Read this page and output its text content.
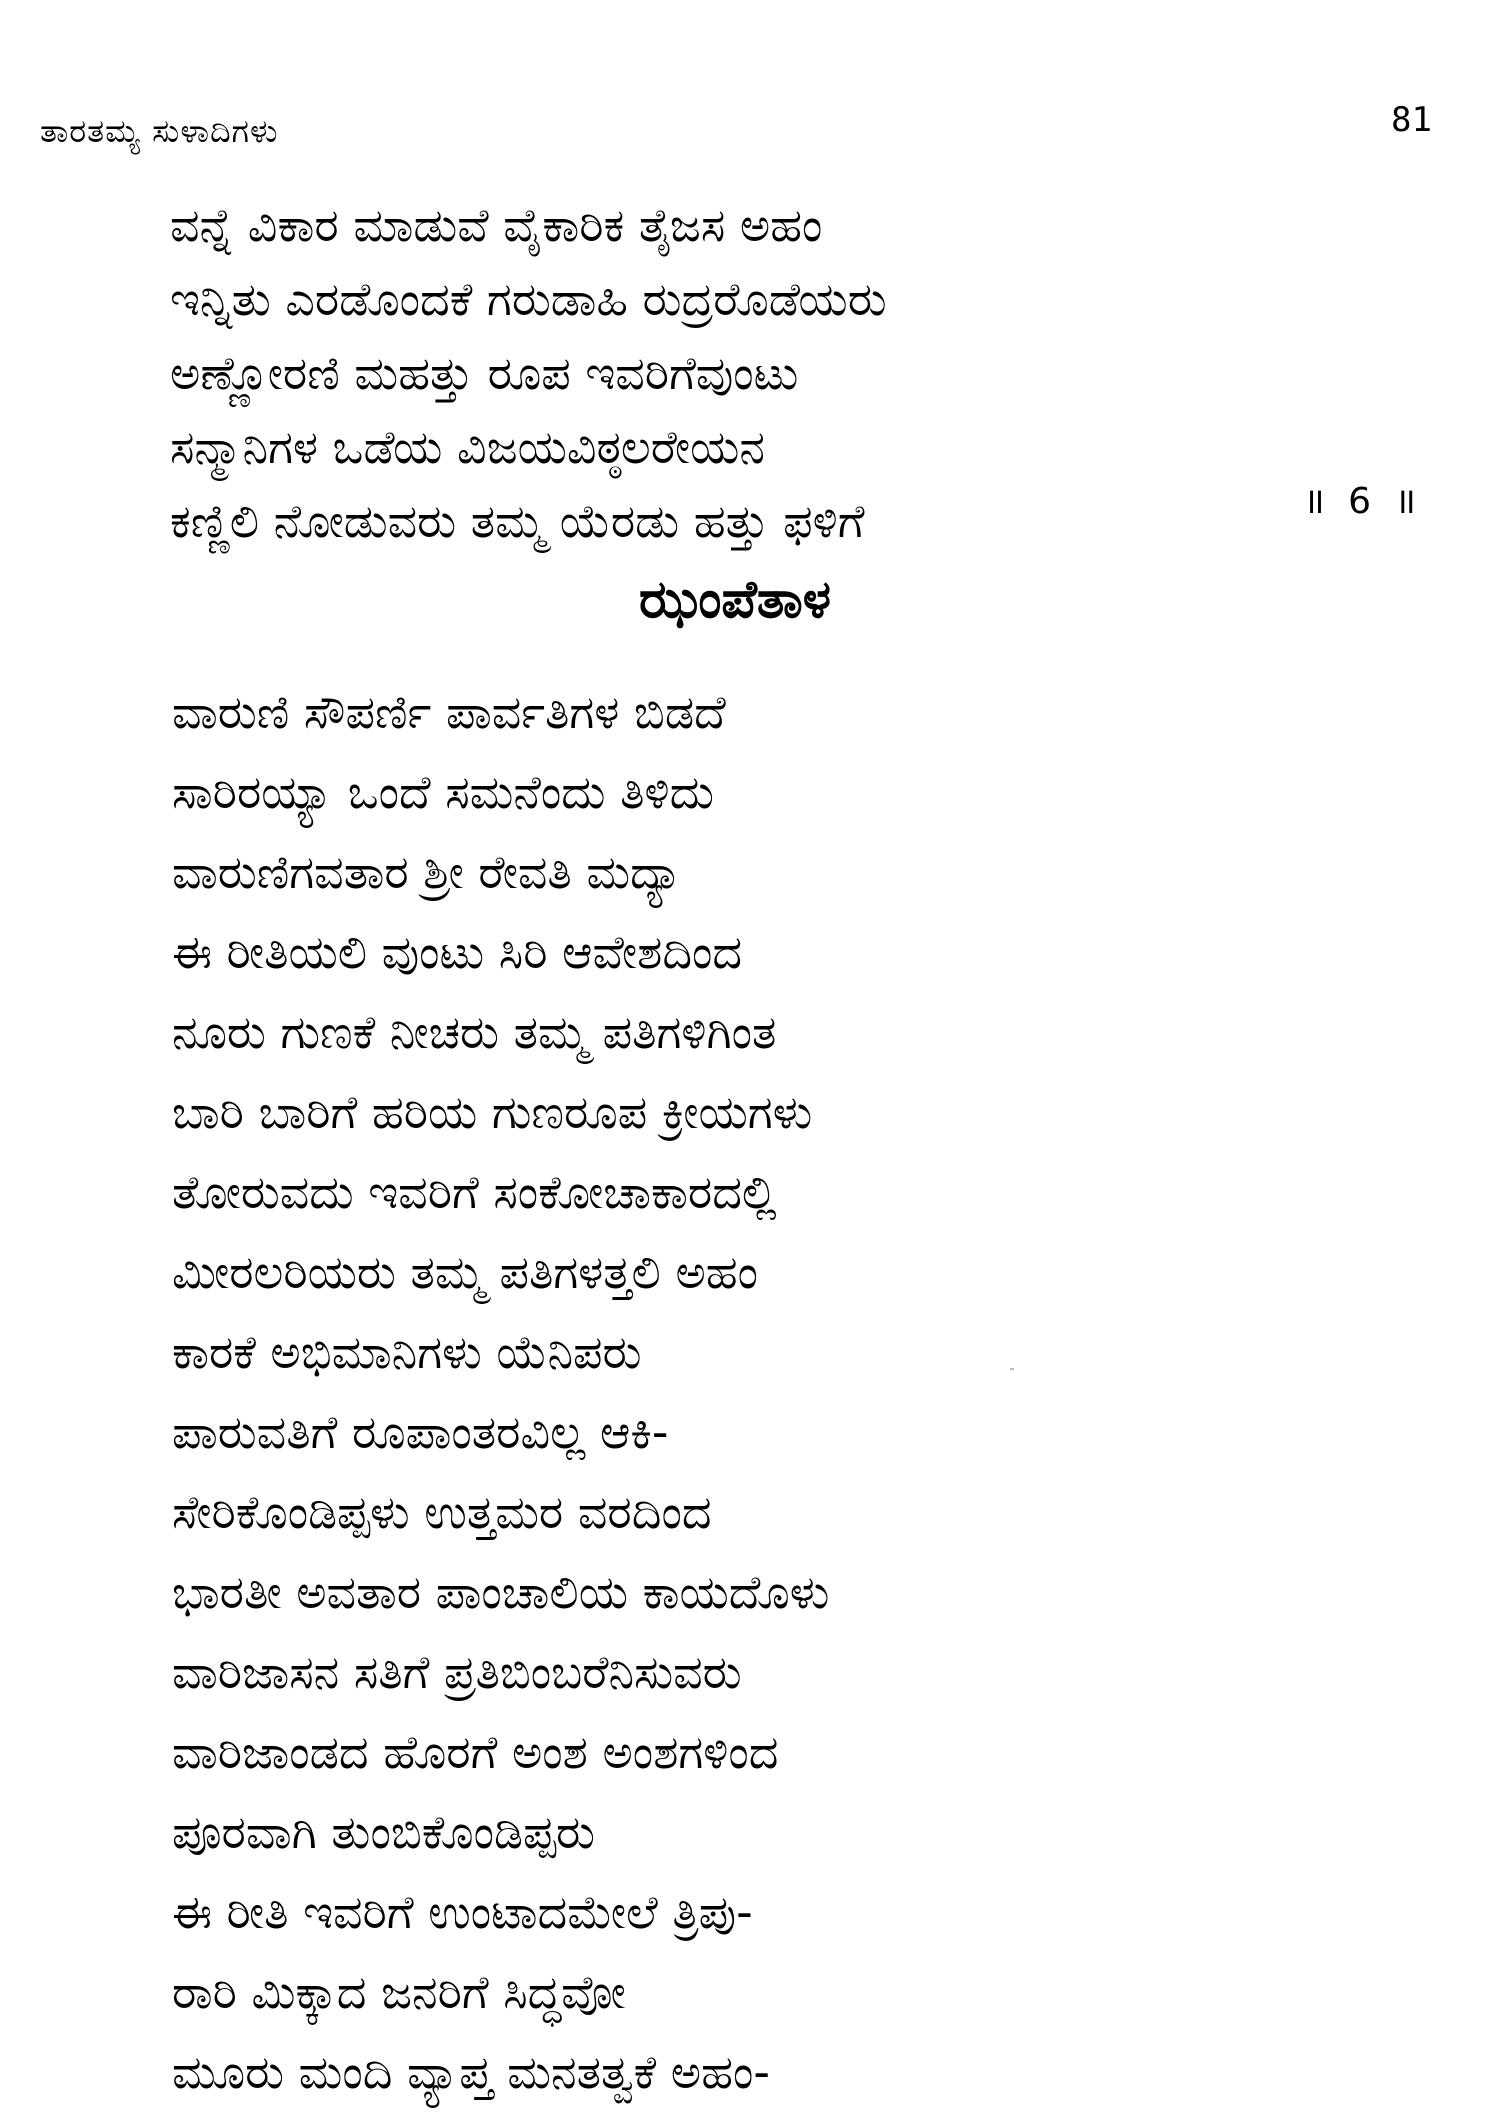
ತಾರತಮ್ಯ ಸುಳಾದಿಗಳು	81
ವನ್ನೆ ವಿಕಾರ ಮಾಡುವೆ ವೈಕಾರಿಕ ತೈಜಸ ಅಹಂ
ಇನ್ನಿತು ಎರಡೊಂದಕೆ ಗರುಡಾಹಿ ರುದ್ರರೊಡೆಯರು
ಅಣ್ಣೋರಣಿ ಮಹತ್ತು ರೂಪ ಇವರಿಗೆವುಂಟು
ಸನ್ಮಾನಿಗಳ ಒಡೆಯ ವಿಜಯವಿಠ್ಠಲರೇಯನ
ಕಣ್ಣಿಲಿ ನೋಡುವರು ತಮ್ಮ ಯೆರಡು ಹತ್ತು ಫಳಿಗೆ	॥ 6 ॥
ಝಂಪೆತಾಳ
ವಾರುಣಿ ಸೌಪರ್ಣಿ ಪಾರ್ವತಿಗಳ ಬಿಡದೆ
ಸಾರಿರಯ್ಯಾ ಒಂದೆ ಸಮನೆಂದು ತಿಳಿದು
ವಾರುಣಿಗವತಾರ ಶ್ರೀ ರೇವತಿ ಮದ್ಯಾ
ಈ ರೀತಿಯಲಿ ವುಂಟು ಸಿರಿ ಆವೇಶದಿಂದ
ನೂರು ಗುಣಕೆ ನೀಚರು ತಮ್ಮ ಪತಿಗಳಿಗಿಂತ
ಬಾರಿ ಬಾರಿಗೆ ಹರಿಯ ಗುಣರೂಪ ಕ್ರೀಯಗಳು
ತೋರುವದು ಇವರಿಗೆ ಸಂಕೋಚಾಕಾರದಲ್ಲಿ
ಮೀರಲರಿಯರು ತಮ್ಮ ಪತಿಗಳತ್ತಲಿ ಅಹಂ
ಕಾರಕೆ ಅಭಿಮಾನಿಗಳು ಯೆನಿಪರು
ಪಾರುವತಿಗೆ ರೂಪಾಂತರವಿಲ್ಲ ಆಕಿ-
ಸೇರಿಕೊಂಡಿಪ್ಪಳು ಉತ್ತಮರ ವರದಿಂದ
ಭಾರತೀ ಅವತಾರ ಪಾಂಚಾಲಿಯ ಕಾಯದೊಳು
ವಾರಿಜಾಸನ ಸತಿಗೆ ಪ್ರತಿಬಿಂಬರೆನಿಸುವರು
ವಾರಿಜಾಂಡದ ಹೊರಗೆ ಅಂಶ ಅಂಶಗಳಿಂದ
ಪೂರವಾಗಿ ತುಂಬಿಕೊಂಡಿಪ್ಪರು
ಈ ರೀತಿ ಇವರಿಗೆ ಉಂಟಾದಮೇಲೆ ತ್ರಿಪು-
ರಾರಿ ಮಿಕ್ಕಾದ ಜನರಿಗೆ ಸಿದ್ಧವೋ
ಮೂರು ಮಂದಿ ವ್ಯಾಪ್ತ ಮನತತ್ವಕೆ ಅಹಂ-
